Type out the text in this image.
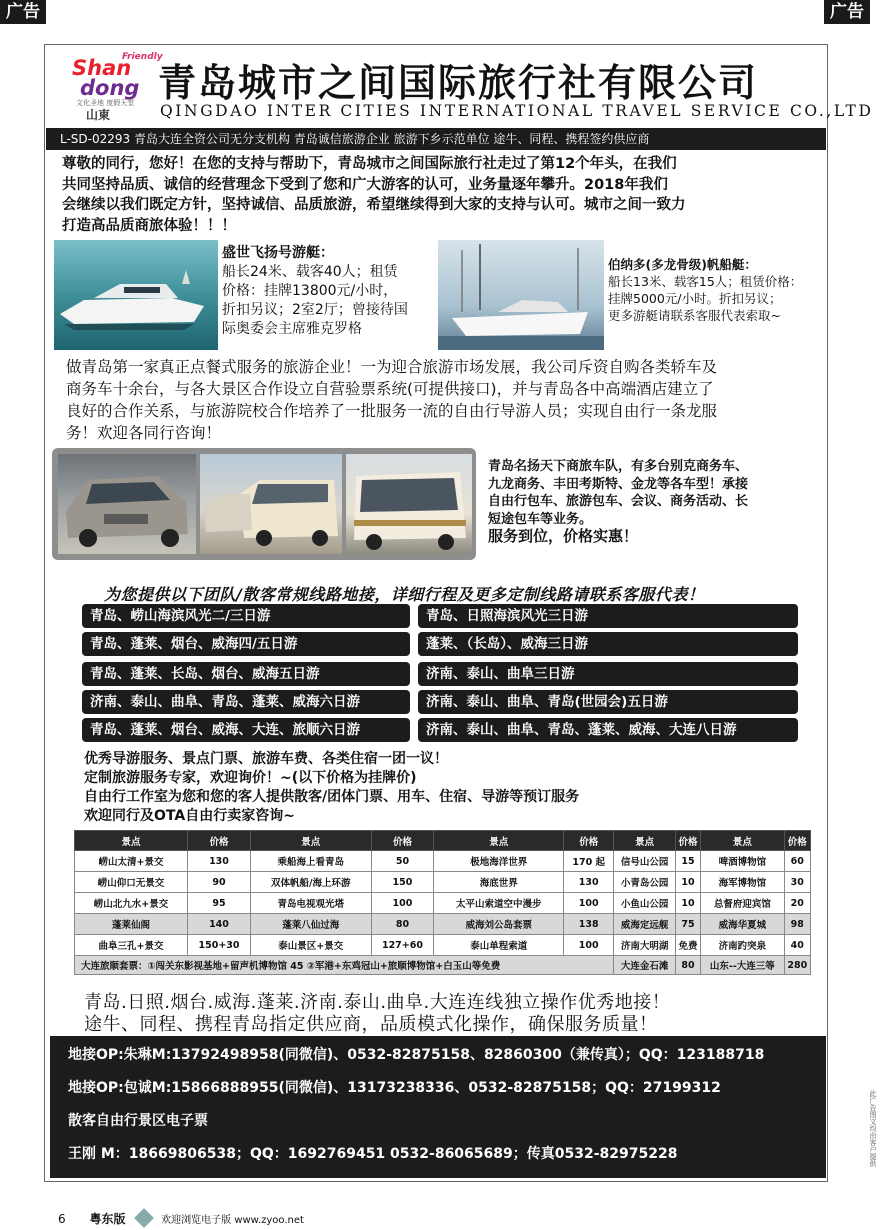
广告	广告
Friendly
Shan
dong
文化圣地 度假天堂
山東
青岛城市之间国际旅行社有限公司
QINGDAO INTER CITIES INTERNATIONAL TRAVEL SERVICE CO.,LTD
L-SD-02293 青岛大连全资公司无分支机构 青岛诚信旅游企业 旅游下乡示范单位 途牛、同程、携程签约供应商
尊敬的同行，您好！在您的支持与帮助下，青岛城市之间国际旅行社走过了第12个年头，在我们
共同坚持品质、诚信的经营理念下受到了您和广大游客的认可，业务量逐年攀升。2018年我们
会继续以我们既定方针，坚持诚信、品质旅游，希望继续得到大家的支持与认可。城市之间一致力
打造高品质商旅体验！！！
盛世飞扬号游艇：
船长24米、载客40人；租赁
价格：挂牌13800元/小时，
折扣另议；2室2厅；曾接待国
际奥委会主席雅克罗格
伯纳多(多龙骨级)帆船艇：
船长13米、载客15人；租赁价格：
挂牌5000元/小时。折扣另议；
更多游艇请联系客服代表索取~
做青岛第一家真正点餐式服务的旅游企业！一为迎合旅游市场发展，我公司斥资自购各类轿车及
商务车十余台，与各大景区合作设立自营验票系统(可提供接口)，并与青岛各中高端酒店建立了
良好的合作关系，与旅游院校合作培养了一批服务一流的自由行导游人员；实现自由行一条龙服
务！欢迎各同行咨询！
青岛名扬天下商旅车队，有多台别克商务车、
九龙商务、丰田考斯特、金龙等各车型！承接
自由行包车、旅游包车、会议、商务活动、长
短途包车等业务。
服务到位，价格实惠！
为您提供以下团队/散客常规线路地接，详细行程及更多定制线路请联系客服代表！
青岛、崂山海滨风光二/三日游	青岛、日照海滨风光三日游
青岛、蓬莱、烟台、威海四/五日游	蓬莱、（长岛）、威海三日游
青岛、蓬莱、长岛、烟台、威海五日游	济南、泰山、曲阜三日游
济南、泰山、曲阜、青岛、蓬莱、威海六日游	济南、泰山、曲阜、青岛(世园会)五日游
青岛、蓬莱、烟台、威海、大连、旅顺六日游	济南、泰山、曲阜、青岛、蓬莱、威海、大连八日游
优秀导游服务、景点门票、旅游车费、各类住宿一团一议！
定制旅游服务专家，欢迎询价！~(以下价格为挂牌价)
自由行工作室为您和您的客人提供散客/团体门票、用车、住宿、导游等预订服务
欢迎同行及OTA自由行卖家咨询~
景点	价格	景点	价格	景点	价格	景点	价格	景点	价格
崂山太清+景交	130	乘船海上看青岛	50	极地海洋世界	170 起	信号山公园	15	啤酒博物馆	60
崂山仰口无景交	90	双体帆船/海上环游	150	海底世界	130	小青岛公园	10	海军博物馆	30
崂山北九水+景交	95	青岛电视观光塔	100	太平山索道空中漫步	100	小鱼山公园	10	总督府迎宾馆	20
蓬莱仙阁	140	蓬莱八仙过海	80	威海刘公岛套票	138	威海定远舰	75	威海华夏城	98
曲阜三孔+景交	150+30	泰山景区+景交	127+60	泰山单程索道	100	济南大明湖	免费	济南趵突泉	40
大连旅顺套票：①闯关东影视基地+留声机博物馆 45 ②军港+东鸡冠山+旅顺博物馆+白玉山等免费						大连金石滩	80	山东--大连三等	280
青岛.日照.烟台.威海.蓬莱.济南.泰山.曲阜.大连连线独立操作优秀地接！
途牛、同程、携程青岛指定供应商，品质模式化操作，确保服务质量！
地接OP:朱琳M:13792498958(同微信)、0532-82875158、82860300（兼传真）；QQ：123188718
地接OP:包诚M:15866888955(同微信)、13173238336、0532-82875158；QQ：27199312
散客自由行景区电子票
王刚 M：18669806538；QQ：1692769451 0532-86065689；传真0532-82975228	此广告图文均由客户提供
6 粤东版	欢迎浏览电子版 www.zyoo.net
